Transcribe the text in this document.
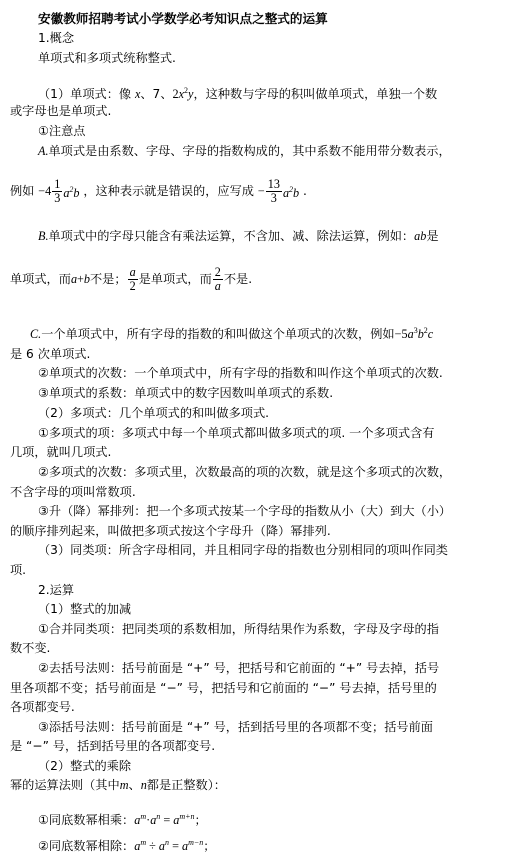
安徽教师招聘考试小学数学必考知识点之整式的运算
1.概念
单项式和多项式统称整式.
（1）单项式：像 x、7、$2x^2y$，这种数与字母的积叫做单项式，单独一个数
或字母也是单项式.
①注意点
A.单项式是由系数、字母、字母的指数构成的，其中系数不能用带分数表示，
例如 $-4 \frac{1}{3} a^2b$ ，这种表示就是错误的，应写成 − $\frac{13}{3} a^2b$ .
B.单项式中的字母只能含有乘法运算，不含加、减、除法运算，例如：ab是
单项式，而a+b不是； $\frac{a}{2}$ 是单项式，而 $\frac{2}{a}$ 不是.
C.一个单项式中，所有字母的指数的和叫做这个单项式的次数，例如$-5a^3b^2c$
是 6 次单项式.
②单项式的次数：一个单项式中，所有字母的指数和叫作这个单项式的次数.
③单项式的系数：单项式中的数字因数叫单项式的系数.
（2）多项式：几个单项式的和叫做多项式.
①多项式的项：多项式中每一个单项式都叫做多项式的项. 一个多项式含有
几项，就叫几项式.
②多项式的次数：多项式里，次数最高的项的次数，就是这个多项式的次数，
不含字母的项叫常数项.
③升（降）幂排列：把一个多项式按某一个字母的指数从小（大）到大（小）
的顺序排列起来，叫做把多项式按这个字母升（降）幂排列.
（3）同类项：所含字母相同，并且相同字母的指数也分别相同的项叫作同类
项.
2.运算
（1）整式的加减
①合并同类项：把同类项的系数相加，所得结果作为系数，字母及字母的指
数不变.
②去括号法则：括号前面是 “+” 号，把括号和它前面的 “+” 号去掉，括号
里各项都不变；括号前面是 “−” 号，把括号和它前面的 “−” 号去掉，括号里的
各项都变号.
③添括号法则：括号前面是 “+” 号，括到括号里的各项都不变；括号前面
是 “−” 号，括到括号里的各项都变号.
（2）整式的乘除
幂的运算法则（其中m、n都是正整数）：
①同底数幂相乘：$a^m\cdot a^n = a^{m+n}$；
②同底数幂相除：$a^m \div a^n = a^{m-n}$；
